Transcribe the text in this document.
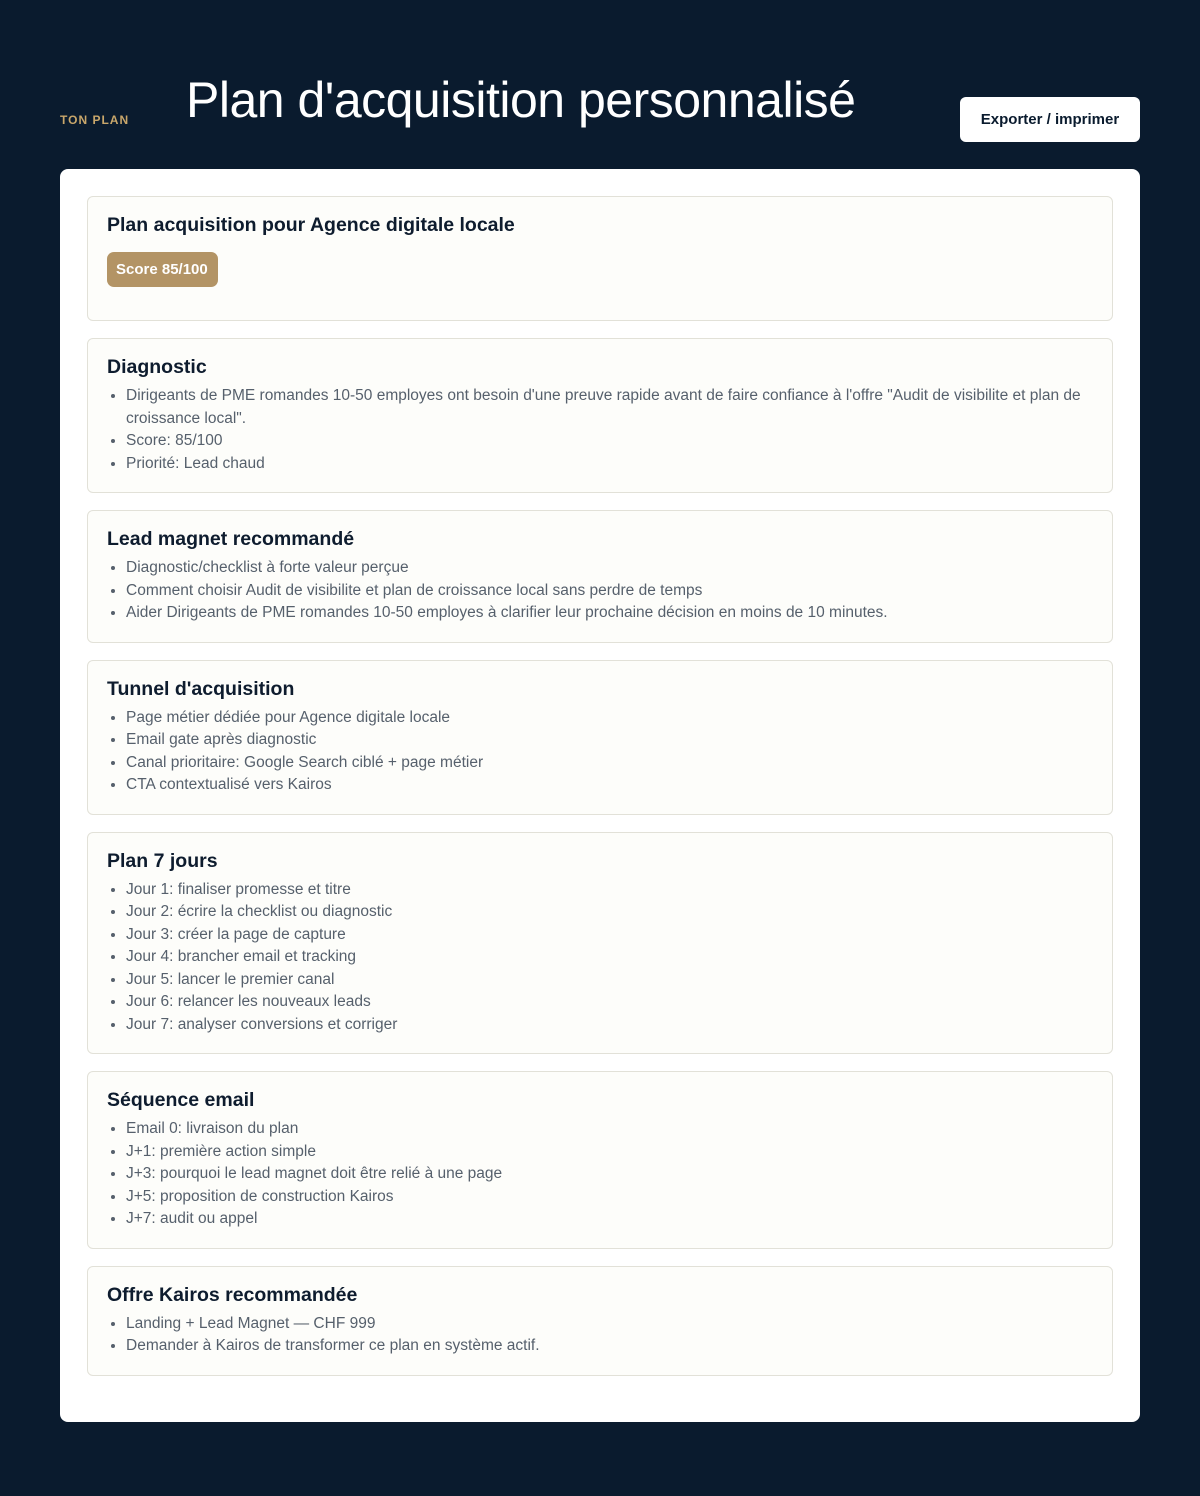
TON PLAN Plan d'acquisition personnalisé	Exporter / imprimer
Plan acquisition pour Agence digitale locale
Score 85/100
Diagnostic
• Dirigeants de PME romandes 10-50 employes ont besoin d'une preuve rapide avant de faire confiance à l'offre "Audit de visibilite et plan de croissance local".
• Score: 85/100
• Priorité: Lead chaud
Lead magnet recommandé
• Diagnostic/checklist à forte valeur perçue
• Comment choisir Audit de visibilite et plan de croissance local sans perdre de temps
• Aider Dirigeants de PME romandes 10-50 employes à clarifier leur prochaine décision en moins de 10 minutes.
Tunnel d'acquisition
• Page métier dédiée pour Agence digitale locale
• Email gate après diagnostic
• Canal prioritaire: Google Search ciblé + page métier
• CTA contextualisé vers Kairos
Plan 7 jours
• Jour 1: finaliser promesse et titre
• Jour 2: écrire la checklist ou diagnostic
• Jour 3: créer la page de capture
• Jour 4: brancher email et tracking
• Jour 5: lancer le premier canal
• Jour 6: relancer les nouveaux leads
• Jour 7: analyser conversions et corriger
Séquence email
• Email 0: livraison du plan
• J+1: première action simple
• J+3: pourquoi le lead magnet doit être relié à une page
• J+5: proposition de construction Kairos
• J+7: audit ou appel
Offre Kairos recommandée
• Landing + Lead Magnet — CHF 999
• Demander à Kairos de transformer ce plan en système actif.
